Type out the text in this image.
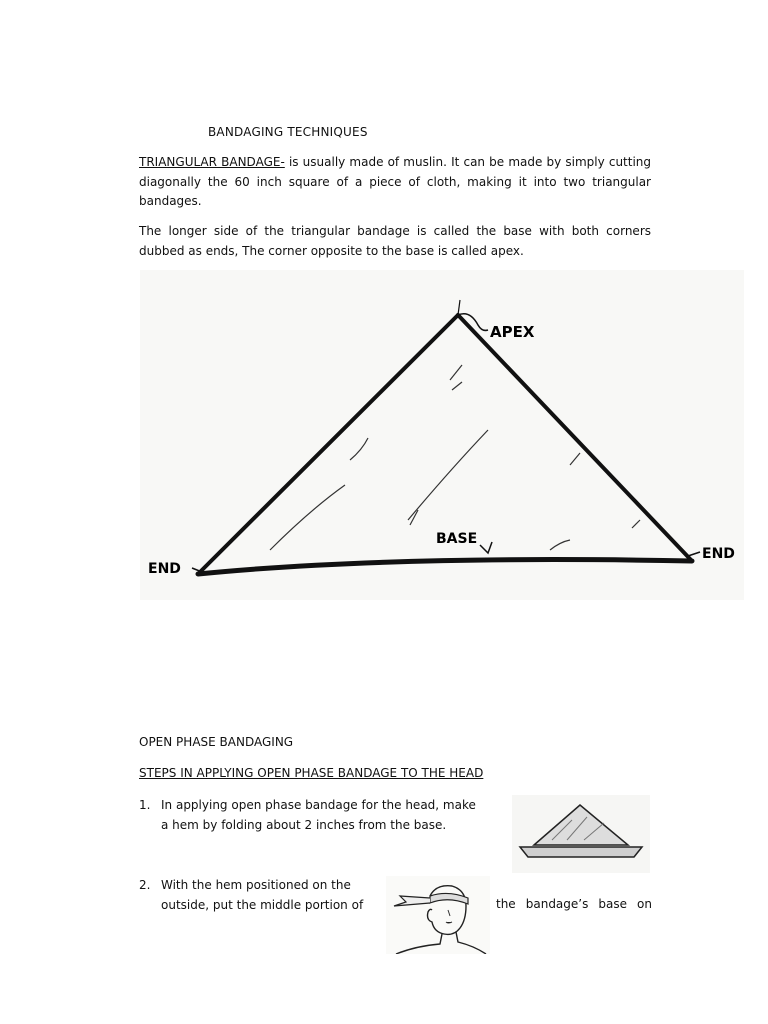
BANDAGING TECHNIQUES
TRIANGULAR BANDAGE- is usually made of muslin. It can be made by simply cutting diagonally the 60 inch square of a piece of cloth, making it into two triangular bandages.
The longer side of the triangular bandage is called the base with both corners dubbed as ends, The corner opposite to the base is called apex.
APEX
BASE
END
END
OPEN PHASE BANDAGING
STEPS IN APPLYING OPEN PHASE BANDAGE TO THE HEAD
1. In applying open phase bandage for the head, make
a hem by folding about 2 inches from the base.
2. With the hem positioned on the
outside, put the middle portion of	the bandage’s base on
